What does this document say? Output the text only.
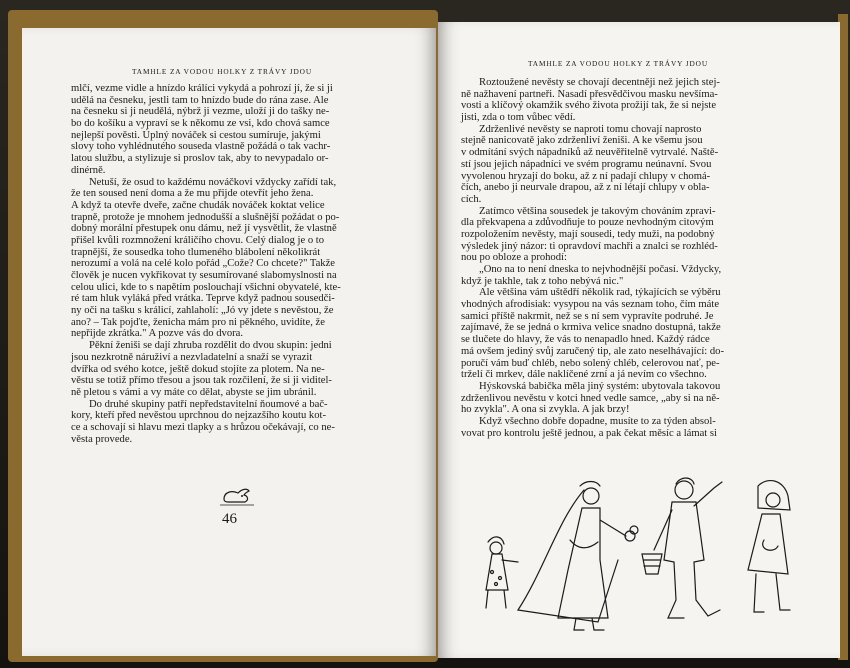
TAMHLE ZA VODOU HOLKY Z TRÁVY JDOU
mlčí, vezme vidle a hnízdo králíci vykydá a pohrozí jí, že si ji
udělá na česneku, jestli tam to hnízdo bude do rána zase. Ale
na česneku si ji neudělá, nýbrž ji vezme, uloží ji do tašky ne-
bo do košíku a vypraví se k někomu ze vsi, kdo chová samce
nejlepší pověsti. Úplný nováček si cestou sumíruje, jakými
slovy toho vyhlédnutého souseda vlastně požádá o tak vachr-
latou službu, a stylizuje si proslov tak, aby to nevypadalo or-
dinérně.
Netuší, že osud to každému nováčkovi vždycky zařídí tak,
že ten soused není doma a že mu přijde otevřít jeho žena.
A když ta otevře dveře, začne chudák nováček koktat velice
trapně, protože je mnohem jednodušší a slušnější požádat o po-
dobný morální přestupek onu dámu, než jí vysvětlit, že vlastně
přišel kvůli rozmnožení králičího chovu. Celý dialog je o to
trapnější, že sousedka toho tlumeného blábolení několikrát
nerozumí a volá na celé kolo pořád „Cože? Co chcete?" Takže
člověk je nucen vykřikovat ty sesumírované slabomyslnosti na
celou ulici, kde to s napětím poslouchají všichni obyvatelé, kte-
ré tam hluk vyláká před vrátka. Teprve když padnou sousedči-
ny oči na tašku s králicí, zahlaholí: „Jó vy jdete s nevěstou, že
ano? – Tak pojďte, ženicha mám pro ni pěkného, uvidíte, že
nepřijde zkrátka." A pozve vás do dvora.
Pěkní ženiši se dají zhruba rozdělit do dvou skupin: jedni
jsou nezkrotně náruživí a nezvladatelní a snaží se vyrazit
dvířka od svého kotce, ještě dokud stojíte za plotem. Na ne-
věstu se totiž přímo třesou a jsou tak rozčilení, že si ji viditel-
ně pletou s vámi a vy máte co dělat, abyste se jim ubránil.
Do druhé skupiny patří nepředstavitelní ňoumové a bač-
kory, kteří před nevěstou uprchnou do nejzazšího koutu kot-
ce a schovají si hlavu mezi tlapky a s hrůzou očekávají, co ne-
věsta provede.
46
TAMHLE ZA VODOU HOLKY Z TRÁVY JDOU
Roztoužené nevěsty se chovají decentněji než jejich stej-
ně nažhavení partneři. Nasadí přesvědčivou masku nevšíma-
vosti a klíčový okamžik svého života prožijí tak, že si nejste
jisti, zda o tom vůbec vědí.
Zdrženlivé nevěsty se naproti tomu chovají naprosto
stejně nanicovatě jako zdrženliví ženiši. A ke všemu jsou
v odmítání svých nápadníků až neuvěřitelně vytrvalé. Naště-
stí jsou jejich nápadníci ve svém programu neúnavní. Svou
vyvolenou hryzají do boku, až z ní padají chlupy v chomá-
čích, anebo ji neurvale drapou, až z ní létají chlupy v obla-
cích.
Zatímco většina sousedek je takovým chováním zpravi-
dla překvapena a zdůvodňuje to pouze nevhodným citovým
rozpoložením nevěsty, mají sousedi, tedy muži, na podobný
výsledek jiný názor: ti opravdoví machři a znalci se rozhléd-
nou po obloze a prohodí:
„Ono na to není dneska to nejvhodnější počasí. Vždycky,
když je takhle, tak z toho nebývá nic."
Ale většina vám uštědří několik rad, týkajících se výběru
vhodných afrodisiak: vysypou na vás seznam toho, čím máte
samici příště nakrmit, než se s ní sem vypravíte podruhé. Je
zajímavé, že se jedná o krmiva velice snadno dostupná, takže
se tlučete do hlavy, že vás to nenapadlo hned. Každý rádce
má ovšem jediný svůj zaručený tip, ale zato neselhávající: do-
poručí vám buď chléb, nebo solený chléb, celerovou nať, pe-
trželí či mrkev, dále naklíčené zrní a já nevím co všechno.
Hýskovská babička měla jiný systém: ubytovala takovou
zdrženlivou nevěstu v kotci hned vedle samce, „aby si na ně-
ho zvykla". A ona si zvykla. A jak brzy!
Když všechno dobře dopadne, musíte to za týden absol-
vovat pro kontrolu ještě jednou, a pak čekat měsíc a lámat si
